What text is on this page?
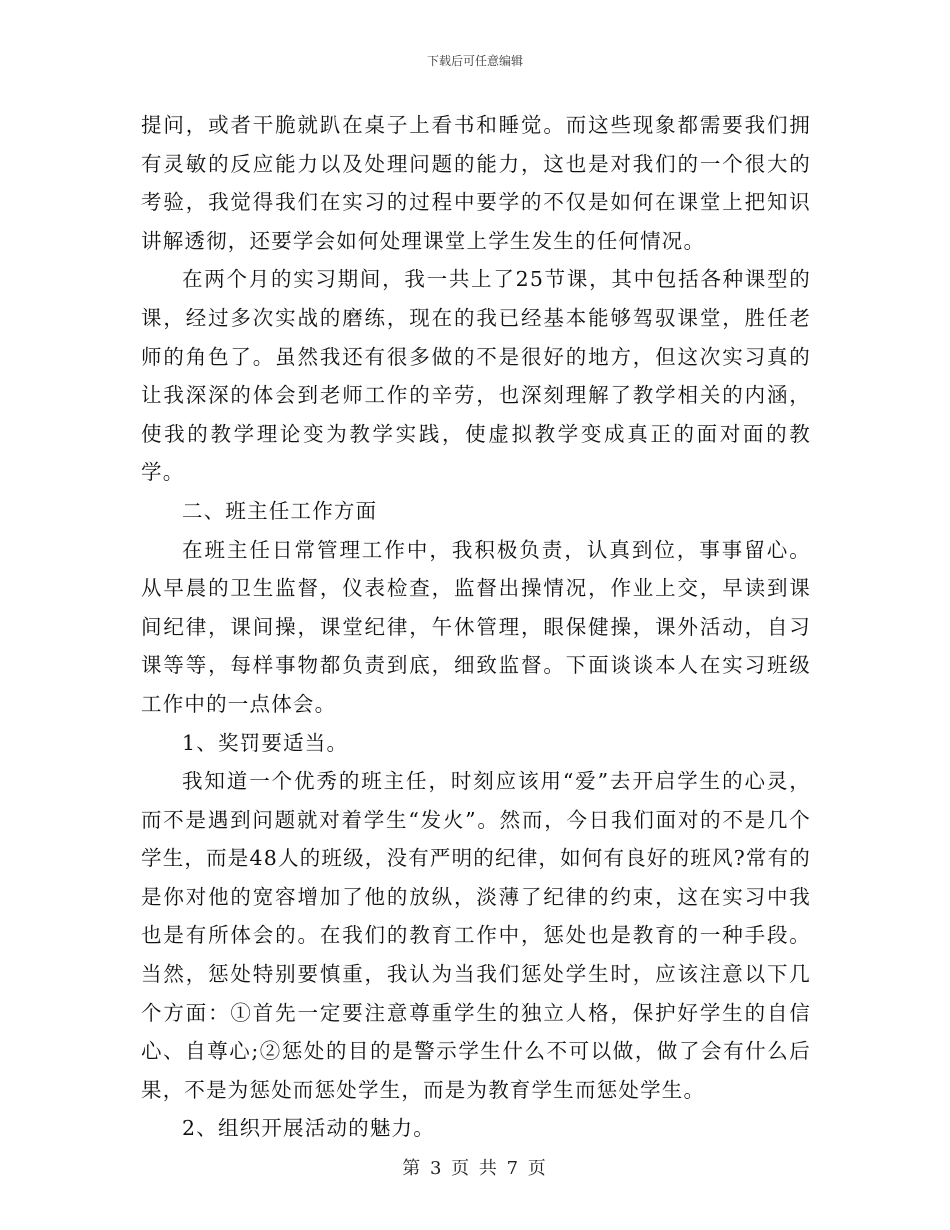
下载后可任意编辑

提问，或者干脆就趴在桌子上看书和睡觉。而这些现象都需要我们拥有灵敏的反应能力以及处理问题的能力，这也是对我们的一个很大的考验，我觉得我们在实习的过程中要学的不仅是如何在课堂上把知识讲解透彻，还要学会如何处理课堂上学生发生的任何情况。

在两个月的实习期间，我一共上了25节课，其中包括各种课型的课，经过多次实战的磨练，现在的我已经基本能够驾驭课堂，胜任老师的角色了。虽然我还有很多做的不是很好的地方，但这次实习真的让我深深的体会到老师工作的辛劳，也深刻理解了教学相关的内涵，使我的教学理论变为教学实践，使虚拟教学变成真正的面对面的教学。

二、班主任工作方面

在班主任日常管理工作中，我积极负责，认真到位，事事留心。从早晨的卫生监督，仪表检查，监督出操情况，作业上交，早读到课间纪律，课间操，课堂纪律，午休管理，眼保健操，课外活动，自习课等等，每样事物都负责到底，细致监督。下面谈谈本人在实习班级工作中的一点体会。

1、奖罚要适当。

我知道一个优秀的班主任，时刻应该用“爱”去开启学生的心灵，而不是遇到问题就对着学生“发火”。然而，今日我们面对的不是几个学生，而是48人的班级，没有严明的纪律，如何有良好的班风?常有的是你对他的宽容增加了他的放纵，淡薄了纪律的约束，这在实习中我也是有所体会的。在我们的教育工作中，惩处也是教育的一种手段。当然，惩处特别要慎重，我认为当我们惩处学生时，应该注意以下几个方面：①首先一定要注意尊重学生的独立人格，保护好学生的自信心、自尊心;②惩处的目的是警示学生什么不可以做，做了会有什么后果，不是为惩处而惩处学生，而是为教育学生而惩处学生。

2、组织开展活动的魅力。

第 3 页 共 7 页
